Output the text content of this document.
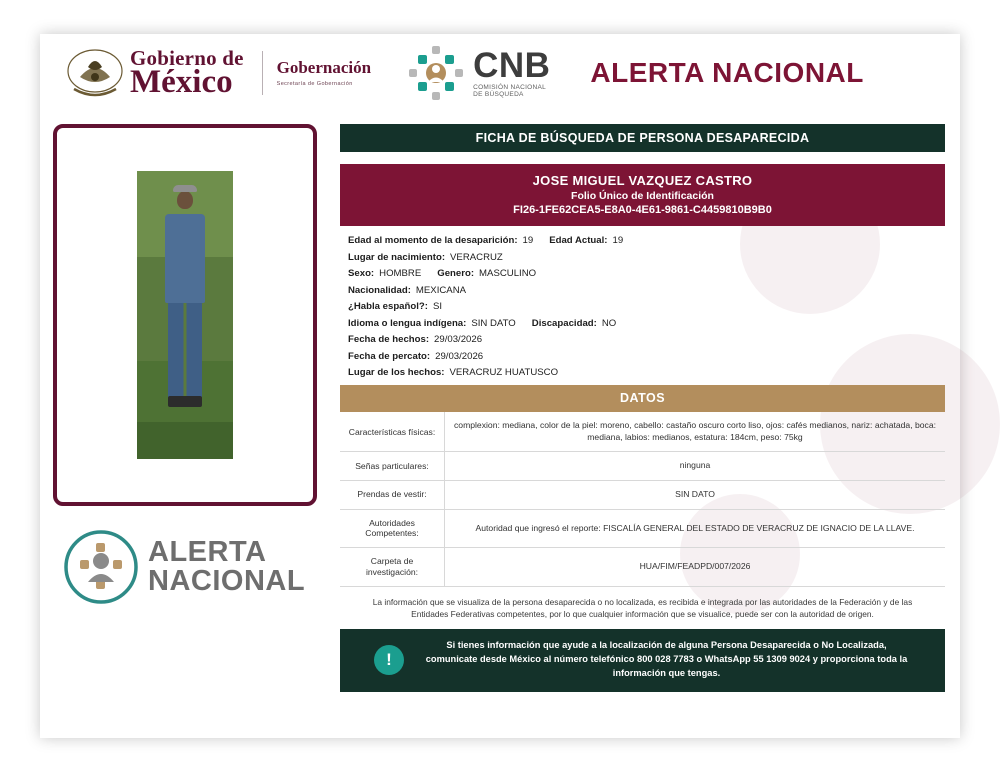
Gobierno de
México	Gobernación
Secretaría de Gobernación	CNB
COMISIÓN NACIONAL
DE BÚSQUEDA
ALERTA NACIONAL
ALERTA
NACIONAL
FICHA DE BÚSQUEDA DE PERSONA DESAPARECIDA
JOSE MIGUEL VAZQUEZ CASTRO
Folio Único de Identificación
FI26-1FE62CEA5-E8A0-4E61-9861-C4459810B9B0

Edad al momento de la desaparición: 19 Edad Actual: 19

Lugar de nacimiento: VERACRUZ

Sexo: HOMBRE Genero: MASCULINO

Nacionalidad: MEXICANA

¿Habla español?: SI

Idioma o lengua indígena: SIN DATO Discapacidad: NO

Fecha de hechos: 29/03/2026

Fecha de percato: 29/03/2026

Lugar de los hechos: VERACRUZ HUATUSCO

DATOS
Características físicas:	complexion: mediana, color de la piel: moreno, cabello: castaño oscuro corto liso, ojos: cafés medianos, nariz: achatada, boca: mediana, labios: medianos, estatura: 184cm, peso: 75kg
Señas particulares:	ninguna
Prendas de vestir:	SIN DATO
Autoridades Competentes:	Autoridad que ingresó el reporte: FISCALÍA GENERAL DEL ESTADO DE VERACRUZ DE IGNACIO DE LA LLAVE.
Carpeta de investigación:	HUA/FIM/FEADPD/007/2026
La información que se visualiza de la persona desaparecida o no localizada, es recibida e integrada por las autoridades de la Federación y de las Entidades Federativas competentes, por lo que cualquier información que se visualice, puede ser con la autoridad de origen.
!
Si tienes información que ayude a la localización de alguna Persona Desaparecida o No Localizada, comunicate desde México al número telefónico 800 028 7783 o WhatsApp 55 1309 9024 y proporciona toda la información que tengas.
